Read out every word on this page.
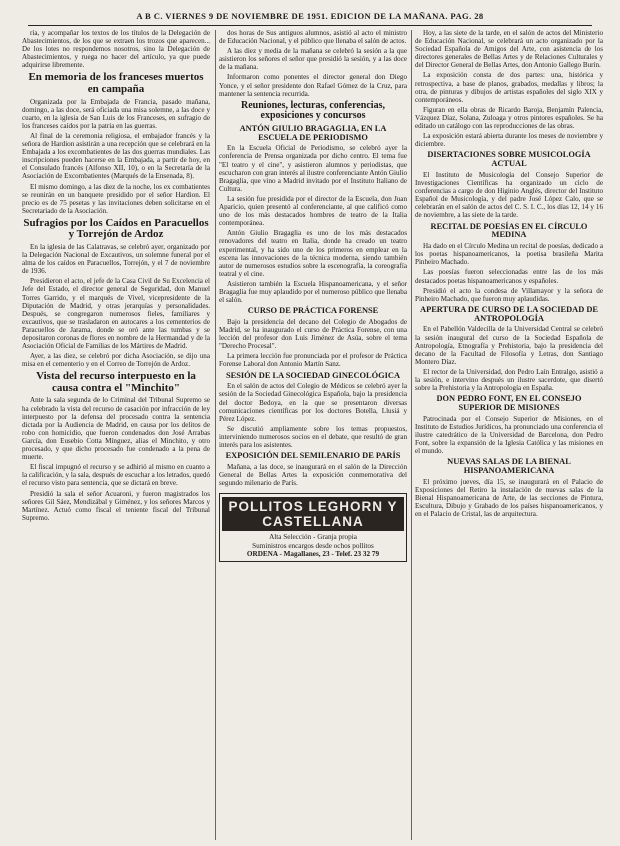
A B C. VIERNES 9 DE NOVIEMBRE DE 1951. EDICION DE LA MAÑANA. PAG. 28
ría, y acompañar los textos de los títulos de la Delegación de Abastecimientos, de los que se extraen los trozos que aparecen... De los lotes no respondemos nosotros, sino la Delegación de Abastecimientos, y ruega no hacer del artículo, ya que puede adquirirse libremente.
En memoria de los franceses muertos en campaña
Organizada por la Embajada de Francia, pasado mañana, domingo, a las doce, será oficiada una misa solemne, a las doce y cuarto, en la iglesia de San Luis de los Franceses, en sufragio de los franceses caídos por la patria en las guerras.
Al final de la ceremonia religiosa, el embajador francés y la señora de Hardion asistirán a una recepción que se celebrará en la Embajada a los excombatientes de las dos guerras mundiales. Las inscripciones pueden hacerse en la Embajada, a partir de hoy, en el Consulado francés (Alfonso XII, 10), o en la Secretaría de la Asociación de Excombatientes (Marqués de la Ensenada, 8).
El mismo domingo, a las diez de la noche, los ex combatientes se reunirán en un banquete presidido por el señor Hardion. El precio es de 75 pesetas y las invitaciones deben solicitarse en el Secretariado de la Asociación.
Sufragios por los Caídos en Paracuellos y Torrejón de Ardoz
En la iglesia de las Calatravas, se celebró ayer, organizado por la Delegación Nacional de Excautivos, un solemne funeral por el alma de los caídos en Paracuellos, Torrejón, y el 7 de noviembre de 1936.
Presidieron el acto, el jefe de la Casa Civil de Su Excelencia el Jefe del Estado, el director general de Seguridad, don Manuel Torres Garrido, y el marqués de Vivel, vicepresidente de la Diputación de Madrid, y otras jerarquías y personalidades. Después, se congregaron numerosos fieles, familiares y excautivos, que se trasladaron en autocares a los cementerios de Paracuellos de Jarama, donde se oró ante las tumbas y se depositaron coronas de flores en nombre de la Hermandad y de la Asociación Oficial de Familias de los Mártires de Madrid.
Ayer, a las diez, se celebró por dicha Asociación, se dijo una misa en el cementerio y en el Correo de Torrejón de Ardoz.
Vista del recurso interpuesto en la causa contra el "Minchito"
Ante la sala segunda de lo Criminal del Tribunal Supremo se ha celebrado la vista del recurso de casación por infracción de ley interpuesto por la defensa del procesado contra la sentencia dictada por la Audiencia de Madrid, en causa por los delitos de robo con homicidio, que fueron condenados don José Arrabas García, don Eusebio Cotta Mínguez, alias el Minchito, y otro procesado, y que dicho procesado fue condenado a la pena de muerte.
El fiscal impugnó el recurso y se adhirió al mismo en cuanto a la calificación, y la sala, después de escuchar a los letrados, quedó el recurso visto para sentencia, que se dictará en breve.
Presidió la sala el señor Acuaroni, y fueron magistrados los señores Gil Sáez, Mendizábal y Giménez, y los señores Marcos y Martínez. Actuó como fiscal el teniente fiscal del Tribunal Supremo.
dos horas de Sus antiguos alumnos, asistió al acto el ministro de Educación Nacional, y el público que llenaba el salón de actos.
A las diez y media de la mañana se celebró la sesión a la que asistieron los señores el señor que presidió la sesión, y a las doce de la mañana.
Informaron como ponentes el director general don Diego Yonce, y el señor presidente don Rafael Gómez de la Cruz, para mantener la sentencia recurrida.
Reuniones, lecturas, conferencias, exposiciones y concursos
ANTÓN GIULIO BRAGAGLIA, EN LA ESCUELA DE PERIODISMO
En la Escuela Oficial de Periodismo, se celebró ayer la conferencia de Prensa organizada por dicho centro. El tema fue "El teatro y el cine", y asistieron alumnos y periodistas, que escucharon con gran interés al ilustre conferenciante Antón Giulio Bragaglia, que vino a Madrid invitado por el Instituto Italiano de Cultura.
La sesión fue presidida por el director de la Escuela, don Juan Aparicio, quien presentó al conferenciante, al que calificó como uno de los más destacados hombres de teatro de la Italia contemporánea.
Antón Giulio Bragaglia es uno de los más destacados renovadores del teatro en Italia, donde ha creado un teatro experimental, y ha sido uno de los primeros en emplear en la escena las innovaciones de la técnica moderna, siendo también autor de numerosos estudios sobre la escenografía, la coreografía teatral y el cine.
Asistieron también la Escuela Hispanoamericana, y el señor Bragaglia fue muy aplaudido por el numeroso público que llenaba el salón.
CURSO DE PRÁCTICA FORENSE
Bajo la presidencia del decano del Colegio de Abogados de Madrid, se ha inaugurado el curso de Práctica Forense, con una lección del profesor don Luis Jiménez de Asúa, sobre el tema "Derecho Procesal".
La primera lección fue pronunciada por el profesor de Práctica Forense Laboral don Antonio Martín Sanz.
SESIÓN DE LA SOCIEDAD GINECOLÓGICA
En el salón de actos del Colegio de Médicos se celebró ayer la sesión de la Sociedad Ginecológica Española, bajo la presidencia del doctor Bedoya, en la que se presentaron diversas comunicaciones científicas por los doctores Botella, Llusiá y Pérez López.
Se discutió ampliamente sobre los temas propuestos, interviniendo numerosos socios en el debate, que resultó de gran interés para los asistentes.
EXPOSICIÓN DEL SEMILENARIO DE PARÍS
Mañana, a las doce, se inaugurará en el salón de la Dirección General de Bellas Artes la exposición conmemorativa del segundo milenario de París.
POLLITOS LEGHORN Y CASTELLANA
Alta Selección - Granja propia
Suministros encargos desde ochos pollitos
ORDENA - Magallanes, 23 - Telef. 23 32 79
Hoy, a las siete de la tarde, en el salón de actos del Ministerio de Educación Nacional, se celebrará un acto organizado por la Sociedad Española de Amigos del Arte, con asistencia de los directores generales de Bellas Artes y de Relaciones Culturales y del Director General de Bellas Artes, don Antonio Gallego Burín.
La exposición consta de dos partes: una, histórica y retrospectiva, a base de planos, grabados, medallas y libros; la otra, de pinturas y dibujos de artistas españoles del siglo XIX y contemporáneos.
Figuran en ella obras de Ricardo Baroja, Benjamín Palencia, Vázquez Díaz, Solana, Zuloaga y otros pintores españoles. Se ha editado un catálogo con las reproducciones de las obras.
La exposición estará abierta durante los meses de noviembre y diciembre.
DISERTACIONES SOBRE MUSICOLOGÍA ACTUAL
El Instituto de Musicología del Consejo Superior de Investigaciones Científicas ha organizado un ciclo de conferencias a cargo de don Higinio Anglés, director del Instituto Español de Musicología, y del padre José López Calo, que se celebrarán en el salón de actos del C. S. I. C., los días 12, 14 y 16 de noviembre, a las siete de la tarde.
RECITAL DE POESÍAS EN EL CÍRCULO MEDINA
Ha dado en el Círculo Medina un recital de poesías, dedicado a los poetas hispanoamericanos, la poetisa brasileña Marita Pinheiro Machado.
Las poesías fueron seleccionadas entre las de los más destacados poetas hispanoamericanos y españoles.
Presidió el acto la condesa de Villamayor y la señora de Pinheiro Machado, que fueron muy aplaudidas.
APERTURA DE CURSO DE LA SOCIEDAD DE ANTROPOLOGÍA
En el Pabellón Valdecilla de la Universidad Central se celebró la sesión inaugural del curso de la Sociedad Española de Antropología, Etnografía y Prehistoria, bajo la presidencia del decano de la Facultad de Filosofía y Letras, don Santiago Montero Díaz.
El rector de la Universidad, don Pedro Laín Entralgo, asistió a la sesión, e intervino después un ilustre sacerdote, que disertó sobre la Prehistoria y la Antropología en España.
DON PEDRO FONT, EN EL CONSEJO SUPERIOR DE MISIONES
Patrocinada por el Consejo Superior de Misiones, en el Instituto de Estudios Jurídicos, ha pronunciado una conferencia el ilustre catedrático de la Universidad de Barcelona, don Pedro Font, sobre la expansión de la Iglesia Católica y las misiones en el mundo.
NUEVAS SALAS DE LA BIENAL HISPANOAMERICANA
El próximo jueves, día 15, se inaugurará en el Palacio de Exposiciones del Retiro la instalación de nuevas salas de la Bienal Hispanoamericana de Arte, de las secciones de Pintura, Escultura, Dibujo y Grabado de los países hispanoamericanos, y en el Palacio de Cristal, las de arquitectura.
